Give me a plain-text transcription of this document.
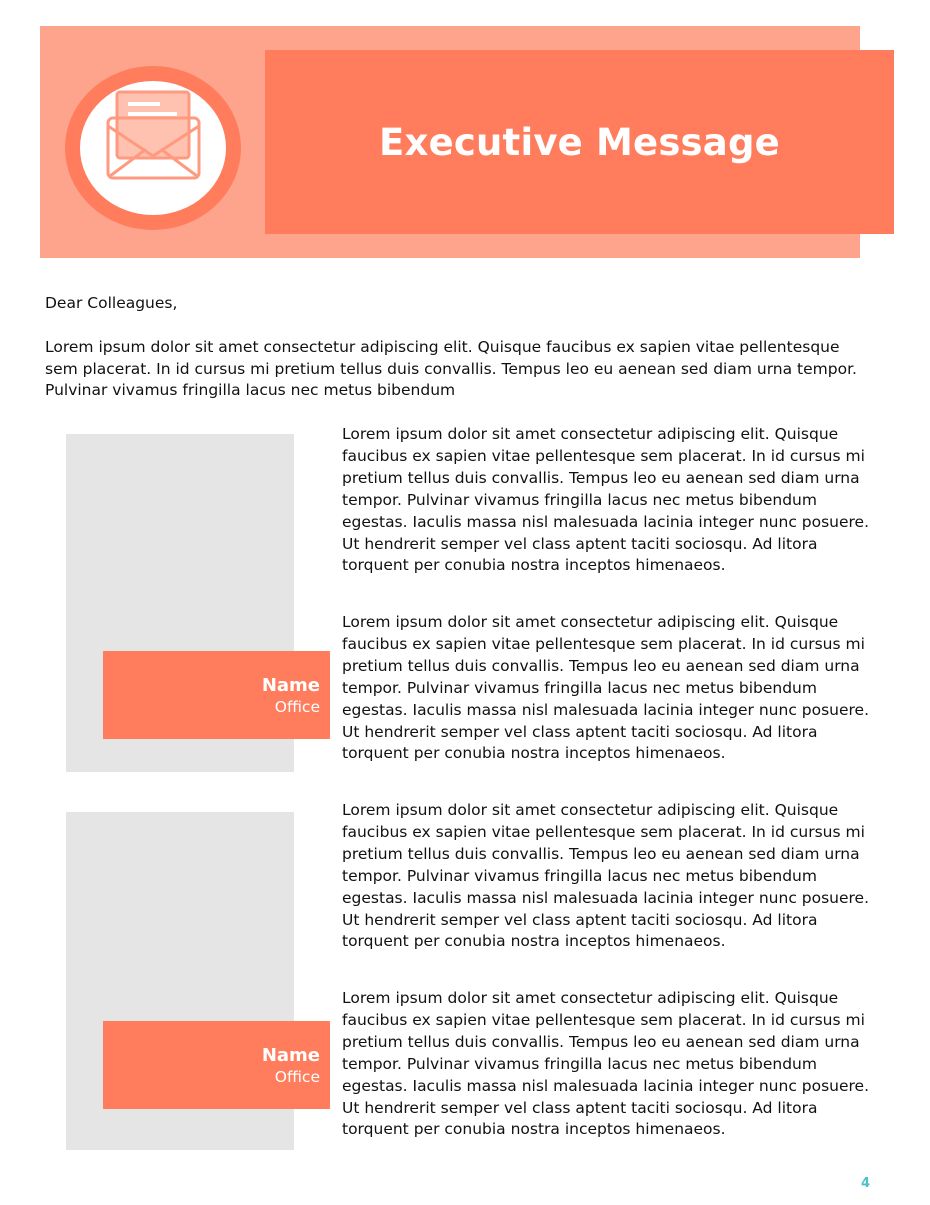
Executive Message
Dear Colleagues,
Lorem ipsum dolor sit amet consectetur adipiscing elit. Quisque faucibus ex sapien vitae pellentesque sem placerat. In id cursus mi pretium tellus duis convallis. Tempus leo eu aenean sed diam urna tempor. Pulvinar vivamus fringilla lacus nec metus bibendum
Name
Office
Name
Office

Lorem ipsum dolor sit amet consectetur adipiscing elit. Quisque faucibus ex sapien vitae pellentesque sem placerat. In id cursus mi pretium tellus duis convallis. Tempus leo eu aenean sed diam urna tempor. Pulvinar vivamus fringilla lacus nec metus bibendum egestas. Iaculis massa nisl malesuada lacinia integer nunc posuere. Ut hendrerit semper vel class aptent taciti sociosqu. Ad litora torquent per conubia nostra inceptos himenaeos.

Lorem ipsum dolor sit amet consectetur adipiscing elit. Quisque faucibus ex sapien vitae pellentesque sem placerat. In id cursus mi pretium tellus duis convallis. Tempus leo eu aenean sed diam urna tempor. Pulvinar vivamus fringilla lacus nec metus bibendum egestas. Iaculis massa nisl malesuada lacinia integer nunc posuere. Ut hendrerit semper vel class aptent taciti sociosqu. Ad litora torquent per conubia nostra inceptos himenaeos.

Lorem ipsum dolor sit amet consectetur adipiscing elit. Quisque faucibus ex sapien vitae pellentesque sem placerat. In id cursus mi pretium tellus duis convallis. Tempus leo eu aenean sed diam urna tempor. Pulvinar vivamus fringilla lacus nec metus bibendum egestas. Iaculis massa nisl malesuada lacinia integer nunc posuere. Ut hendrerit semper vel class aptent taciti sociosqu. Ad litora torquent per conubia nostra inceptos himenaeos.

Lorem ipsum dolor sit amet consectetur adipiscing elit. Quisque faucibus ex sapien vitae pellentesque sem placerat. In id cursus mi pretium tellus duis convallis. Tempus leo eu aenean sed diam urna tempor. Pulvinar vivamus fringilla lacus nec metus bibendum egestas. Iaculis massa nisl malesuada lacinia integer nunc posuere. Ut hendrerit semper vel class aptent taciti sociosqu. Ad litora torquent per conubia nostra inceptos himenaeos.

4
